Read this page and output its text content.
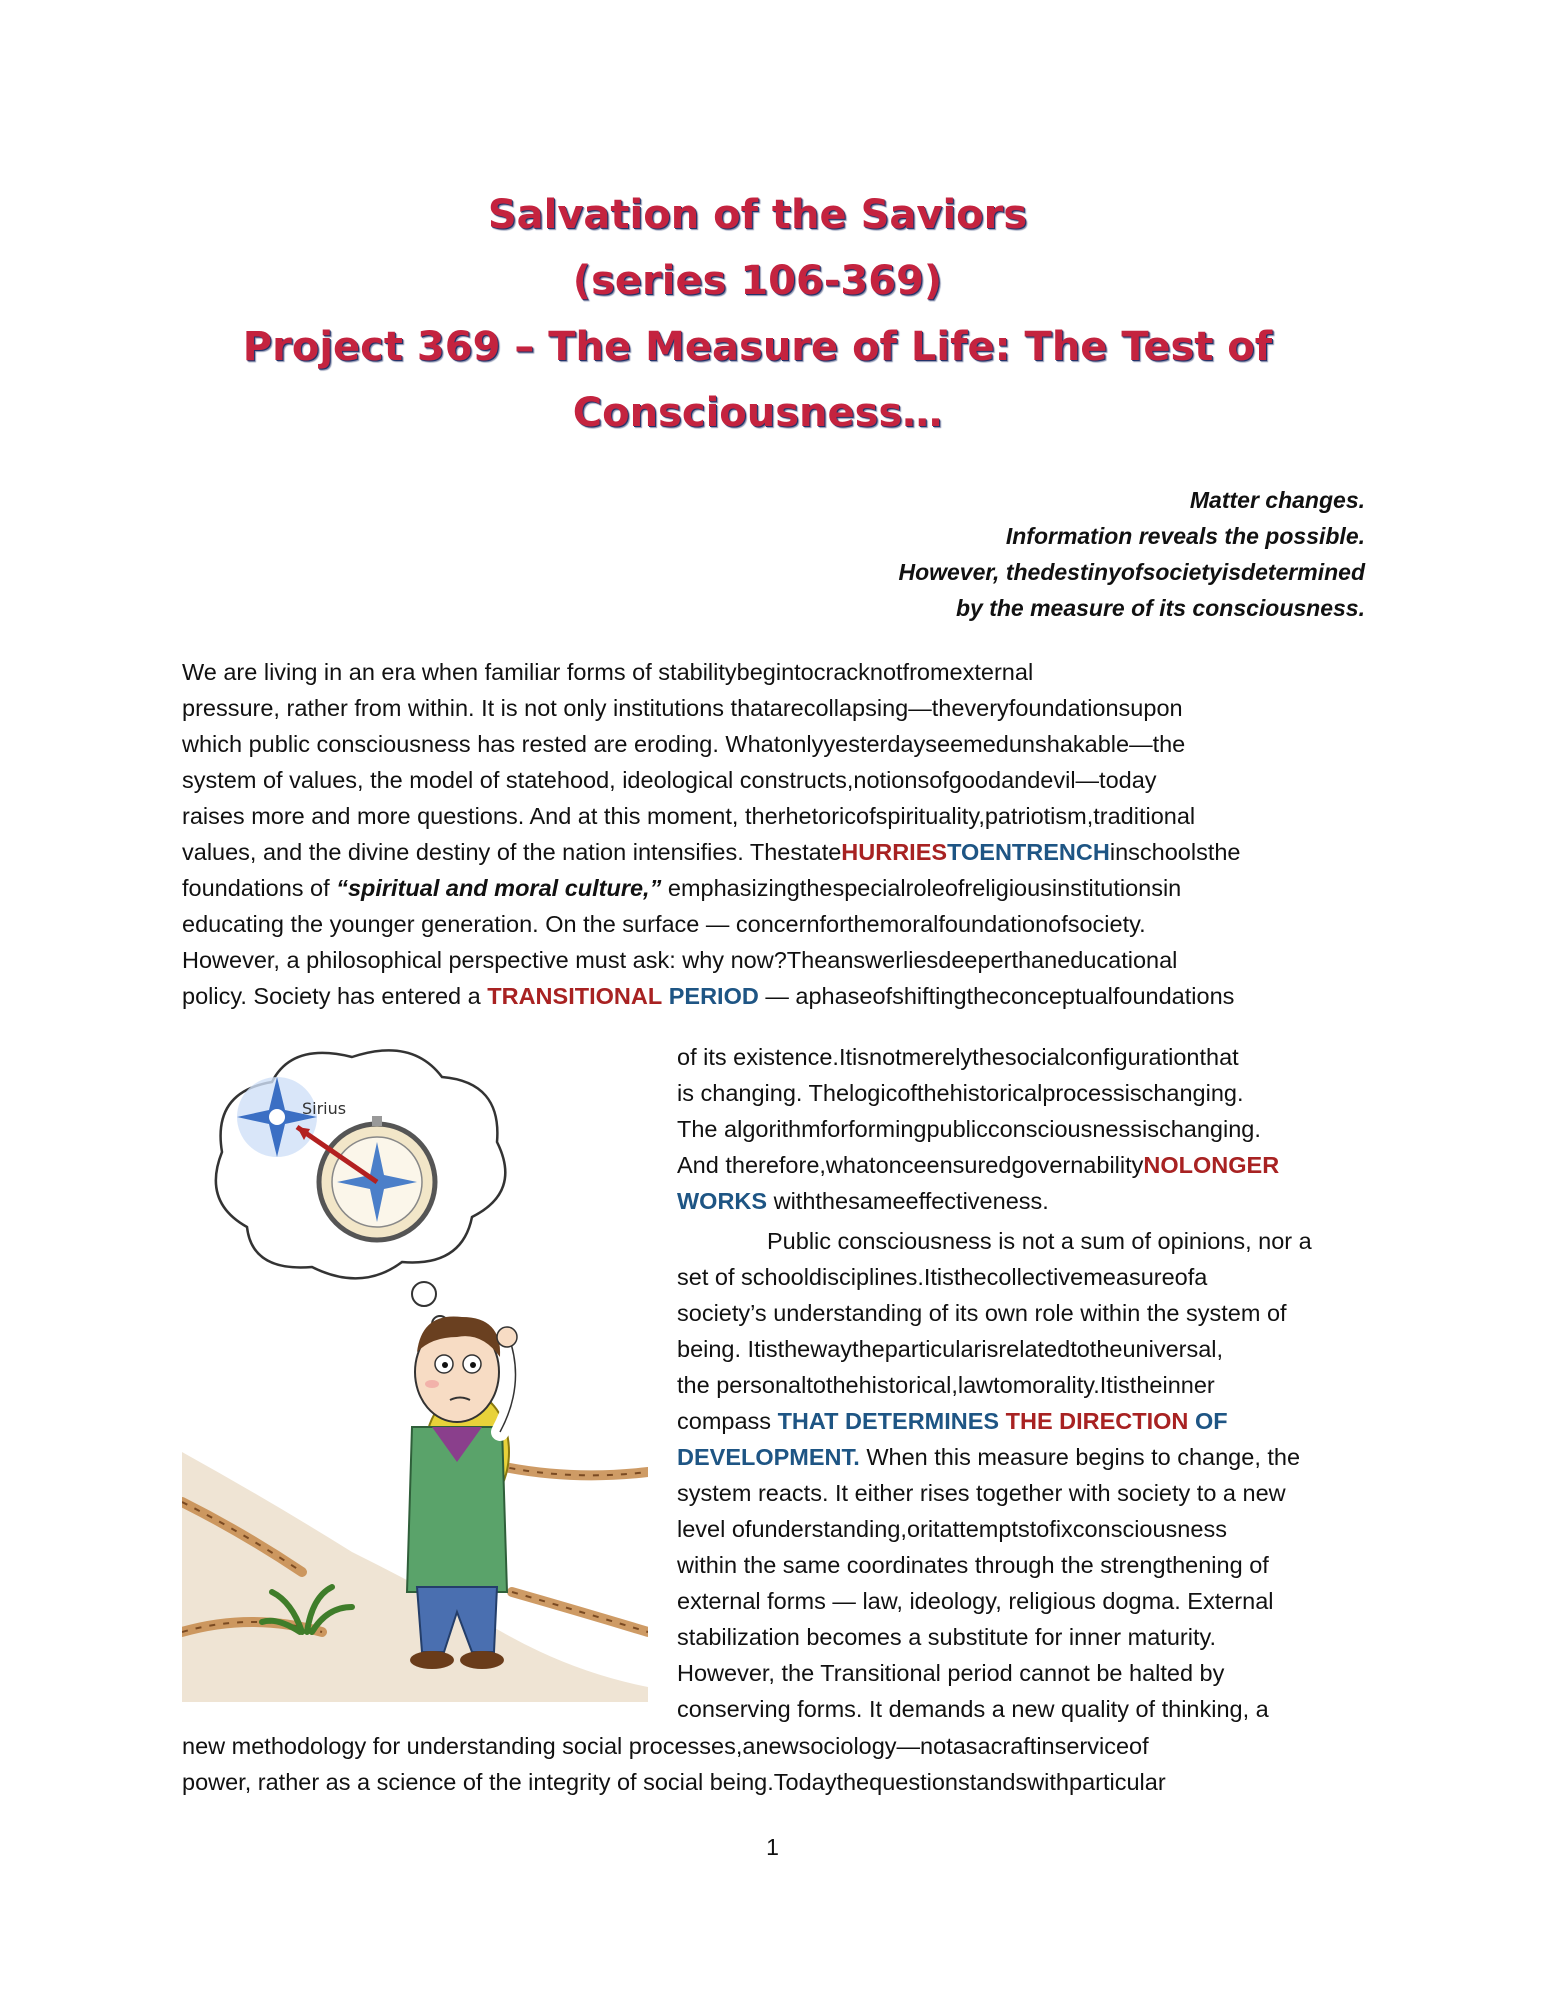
Salvation of the Saviors
(series 106-369)
Project 369 – The Measure of Life: The Test of
Consciousness…
Matter changes.
Information reveals the possible.
However, thedestinyofsocietyisdetermined
by the measure of its consciousness.
We are living in an era when familiar forms of stabilitybegintocracknotfromexternal
pressure, rather from within. It is not only institutions thatarecollapsing—theveryfoundationsupon
which public consciousness has rested are eroding. Whatonlyyesterdayseemedunshakable—the
system of values, the model of statehood, ideological constructs,notionsofgoodandevil—today
raises more and more questions. And at this moment, therhetoricofspirituality,patriotism,traditional
values, and the divine destiny of the nation intensifies. ThestateHURRIESTOENTRENCHinschoolsthe
foundations of “spiritual and moral culture,” emphasizingthespecialroleofreligiousinstitutionsin
educating the younger generation. On the surface — concernforthemoralfoundationofsociety.
However, a philosophical perspective must ask: why now?Theanswerliesdeeperthaneducational
policy. Society has entered a TRANSITIONAL PERIOD — aphaseofshiftingtheconceptualfoundations
Sirius
of its existence.Itisnotmerelythesocialconfigurationthat
is changing. Thelogicofthehistoricalprocessischanging.
The algorithmforformingpublicconsciousnessischanging.
And therefore,whatonceensuredgovernabilityNOLONGER
WORKS withthesameeffectiveness.
Public consciousness is not a sum of opinions, nor a
set of schooldisciplines.Itisthecollectivemeasureofa
society’s understanding of its own role within the system of
being. Itisthewaytheparticularisrelatedtotheuniversal,
the personaltothehistorical,lawtomorality.Itistheinner
compass THAT DETERMINES THE DIRECTION OF
DEVELOPMENT. When this measure begins to change, the
system reacts. It either rises together with society to a new
level ofunderstanding,oritattemptstofixconsciousness
within the same coordinates through the strengthening of
external forms — law, ideology, religious dogma. External
stabilization becomes a substitute for inner maturity.
However, the Transitional period cannot be halted by
conserving forms. It demands a new quality of thinking, a
new methodology for understanding social processes,anewsociology—notasacraftinserviceof
power, rather as a science of the integrity of social being.Todaythequestionstandswithparticular
1
